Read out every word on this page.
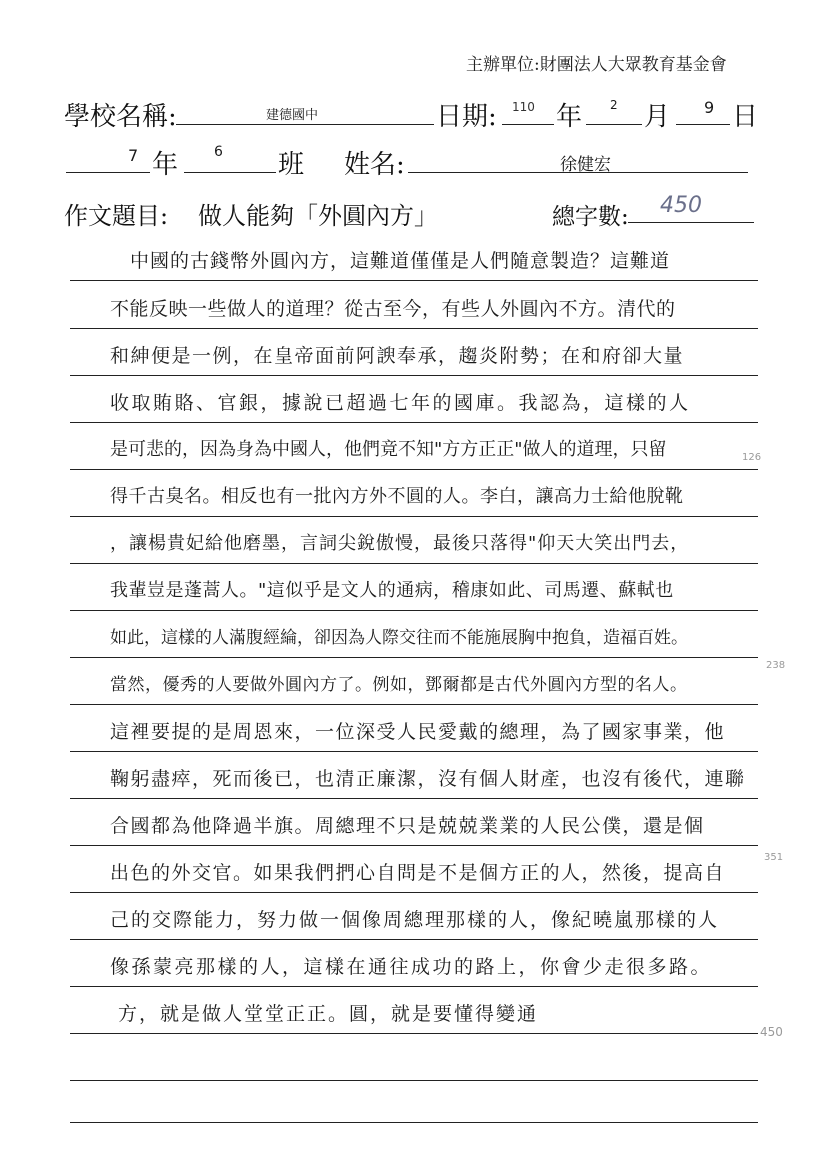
主辦單位:財團法人大眾教育基金會
學校名稱:	建德國中	日期: 110 年 2 月 9 日
7 年	6 班 姓名:	徐健宏
作文題目: 做人能夠「外圓內方」	總字數: 450
中國的古錢幣外圓內方，這難道僅僅是人們隨意製造？這難道
不能反映一些做人的道理？從古至今，有些人外圓內不方。清代的
和紳便是一例，在皇帝面前阿諛奉承，趨炎附勢；在和府卻大量
收取賄賂、官銀，據說已超過七年的國庫。我認為，這樣的人
是可悲的，因為身為中國人，他們竟不知"方方正正"做人的道理，只留
得千古臭名。相反也有一批內方外不圓的人。李白，讓高力士給他脫靴
，讓楊貴妃給他磨墨，言詞尖銳傲慢，最後只落得"仰天大笑出門去，
我輩豈是蓬蒿人。"這似乎是文人的通病，稽康如此、司馬遷、蘇軾也
如此，這樣的人滿腹經綸，卻因為人際交往而不能施展胸中抱負，造福百姓。
當然，優秀的人要做外圓內方了。例如，鄧爾都是古代外圓內方型的名人。
這裡要提的是周恩來，一位深受人民愛戴的總理，為了國家事業，他
鞠躬盡瘁，死而後已，也清正廉潔，沒有個人財產，也沒有後代，連聯
合國都為他降過半旗。周總理不只是兢兢業業的人民公僕，還是個
出色的外交官。如果我們捫心自問是不是個方正的人，然後，提高自
己的交際能力，努力做一個像周總理那樣的人，像紀曉嵐那樣的人
像孫蒙亮那樣的人，這樣在通往成功的路上，你會少走很多路。
方，就是做人堂堂正正。圓，就是要懂得變通
126
238
351
450
